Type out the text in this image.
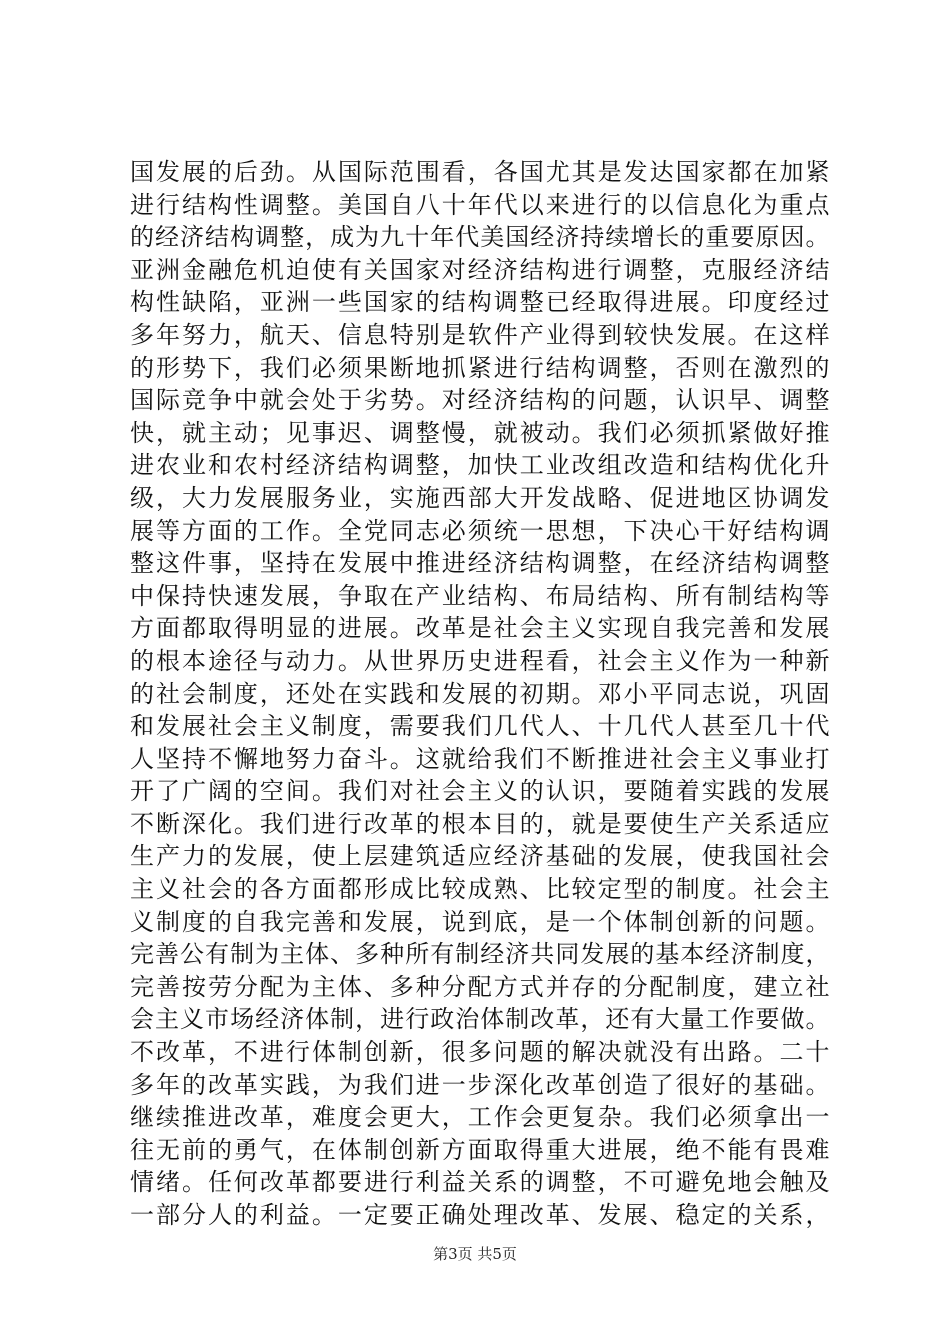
国发展的后劲。从国际范围看，各国尤其是发达国家都在加紧
进行结构性调整。美国自八十年代以来进行的以信息化为重点
的经济结构调整，成为九十年代美国经济持续增长的重要原因。
亚洲金融危机迫使有关国家对经济结构进行调整，克服经济结
构性缺陷，亚洲一些国家的结构调整已经取得进展。印度经过
多年努力，航天、信息特别是软件产业得到较快发展。在这样
的形势下，我们必须果断地抓紧进行结构调整，否则在激烈的
国际竞争中就会处于劣势。对经济结构的问题，认识早、调整
快，就主动；见事迟、调整慢，就被动。我们必须抓紧做好推
进农业和农村经济结构调整，加快工业改组改造和结构优化升
级，大力发展服务业，实施西部大开发战略、促进地区协调发
展等方面的工作。全党同志必须统一思想，下决心干好结构调
整这件事，坚持在发展中推进经济结构调整，在经济结构调整
中保持快速发展，争取在产业结构、布局结构、所有制结构等
方面都取得明显的进展。改革是社会主义实现自我完善和发展
的根本途径与动力。从世界历史进程看，社会主义作为一种新
的社会制度，还处在实践和发展的初期。邓小平同志说，巩固
和发展社会主义制度，需要我们几代人、十几代人甚至几十代
人坚持不懈地努力奋斗。这就给我们不断推进社会主义事业打
开了广阔的空间。我们对社会主义的认识，要随着实践的发展
不断深化。我们进行改革的根本目的，就是要使生产关系适应
生产力的发展，使上层建筑适应经济基础的发展，使我国社会
主义社会的各方面都形成比较成熟、比较定型的制度。社会主
义制度的自我完善和发展，说到底，是一个体制创新的问题。
完善公有制为主体、多种所有制经济共同发展的基本经济制度，
完善按劳分配为主体、多种分配方式并存的分配制度，建立社
会主义市场经济体制，进行政治体制改革，还有大量工作要做。
不改革，不进行体制创新，很多问题的解决就没有出路。二十
多年的改革实践，为我们进一步深化改革创造了很好的基础。
继续推进改革，难度会更大，工作会更复杂。我们必须拿出一
往无前的勇气，在体制创新方面取得重大进展，绝不能有畏难
情绪。任何改革都要进行利益关系的调整，不可避免地会触及
一部分人的利益。一定要正确处理改革、发展、稳定的关系，
第3页 共5页
